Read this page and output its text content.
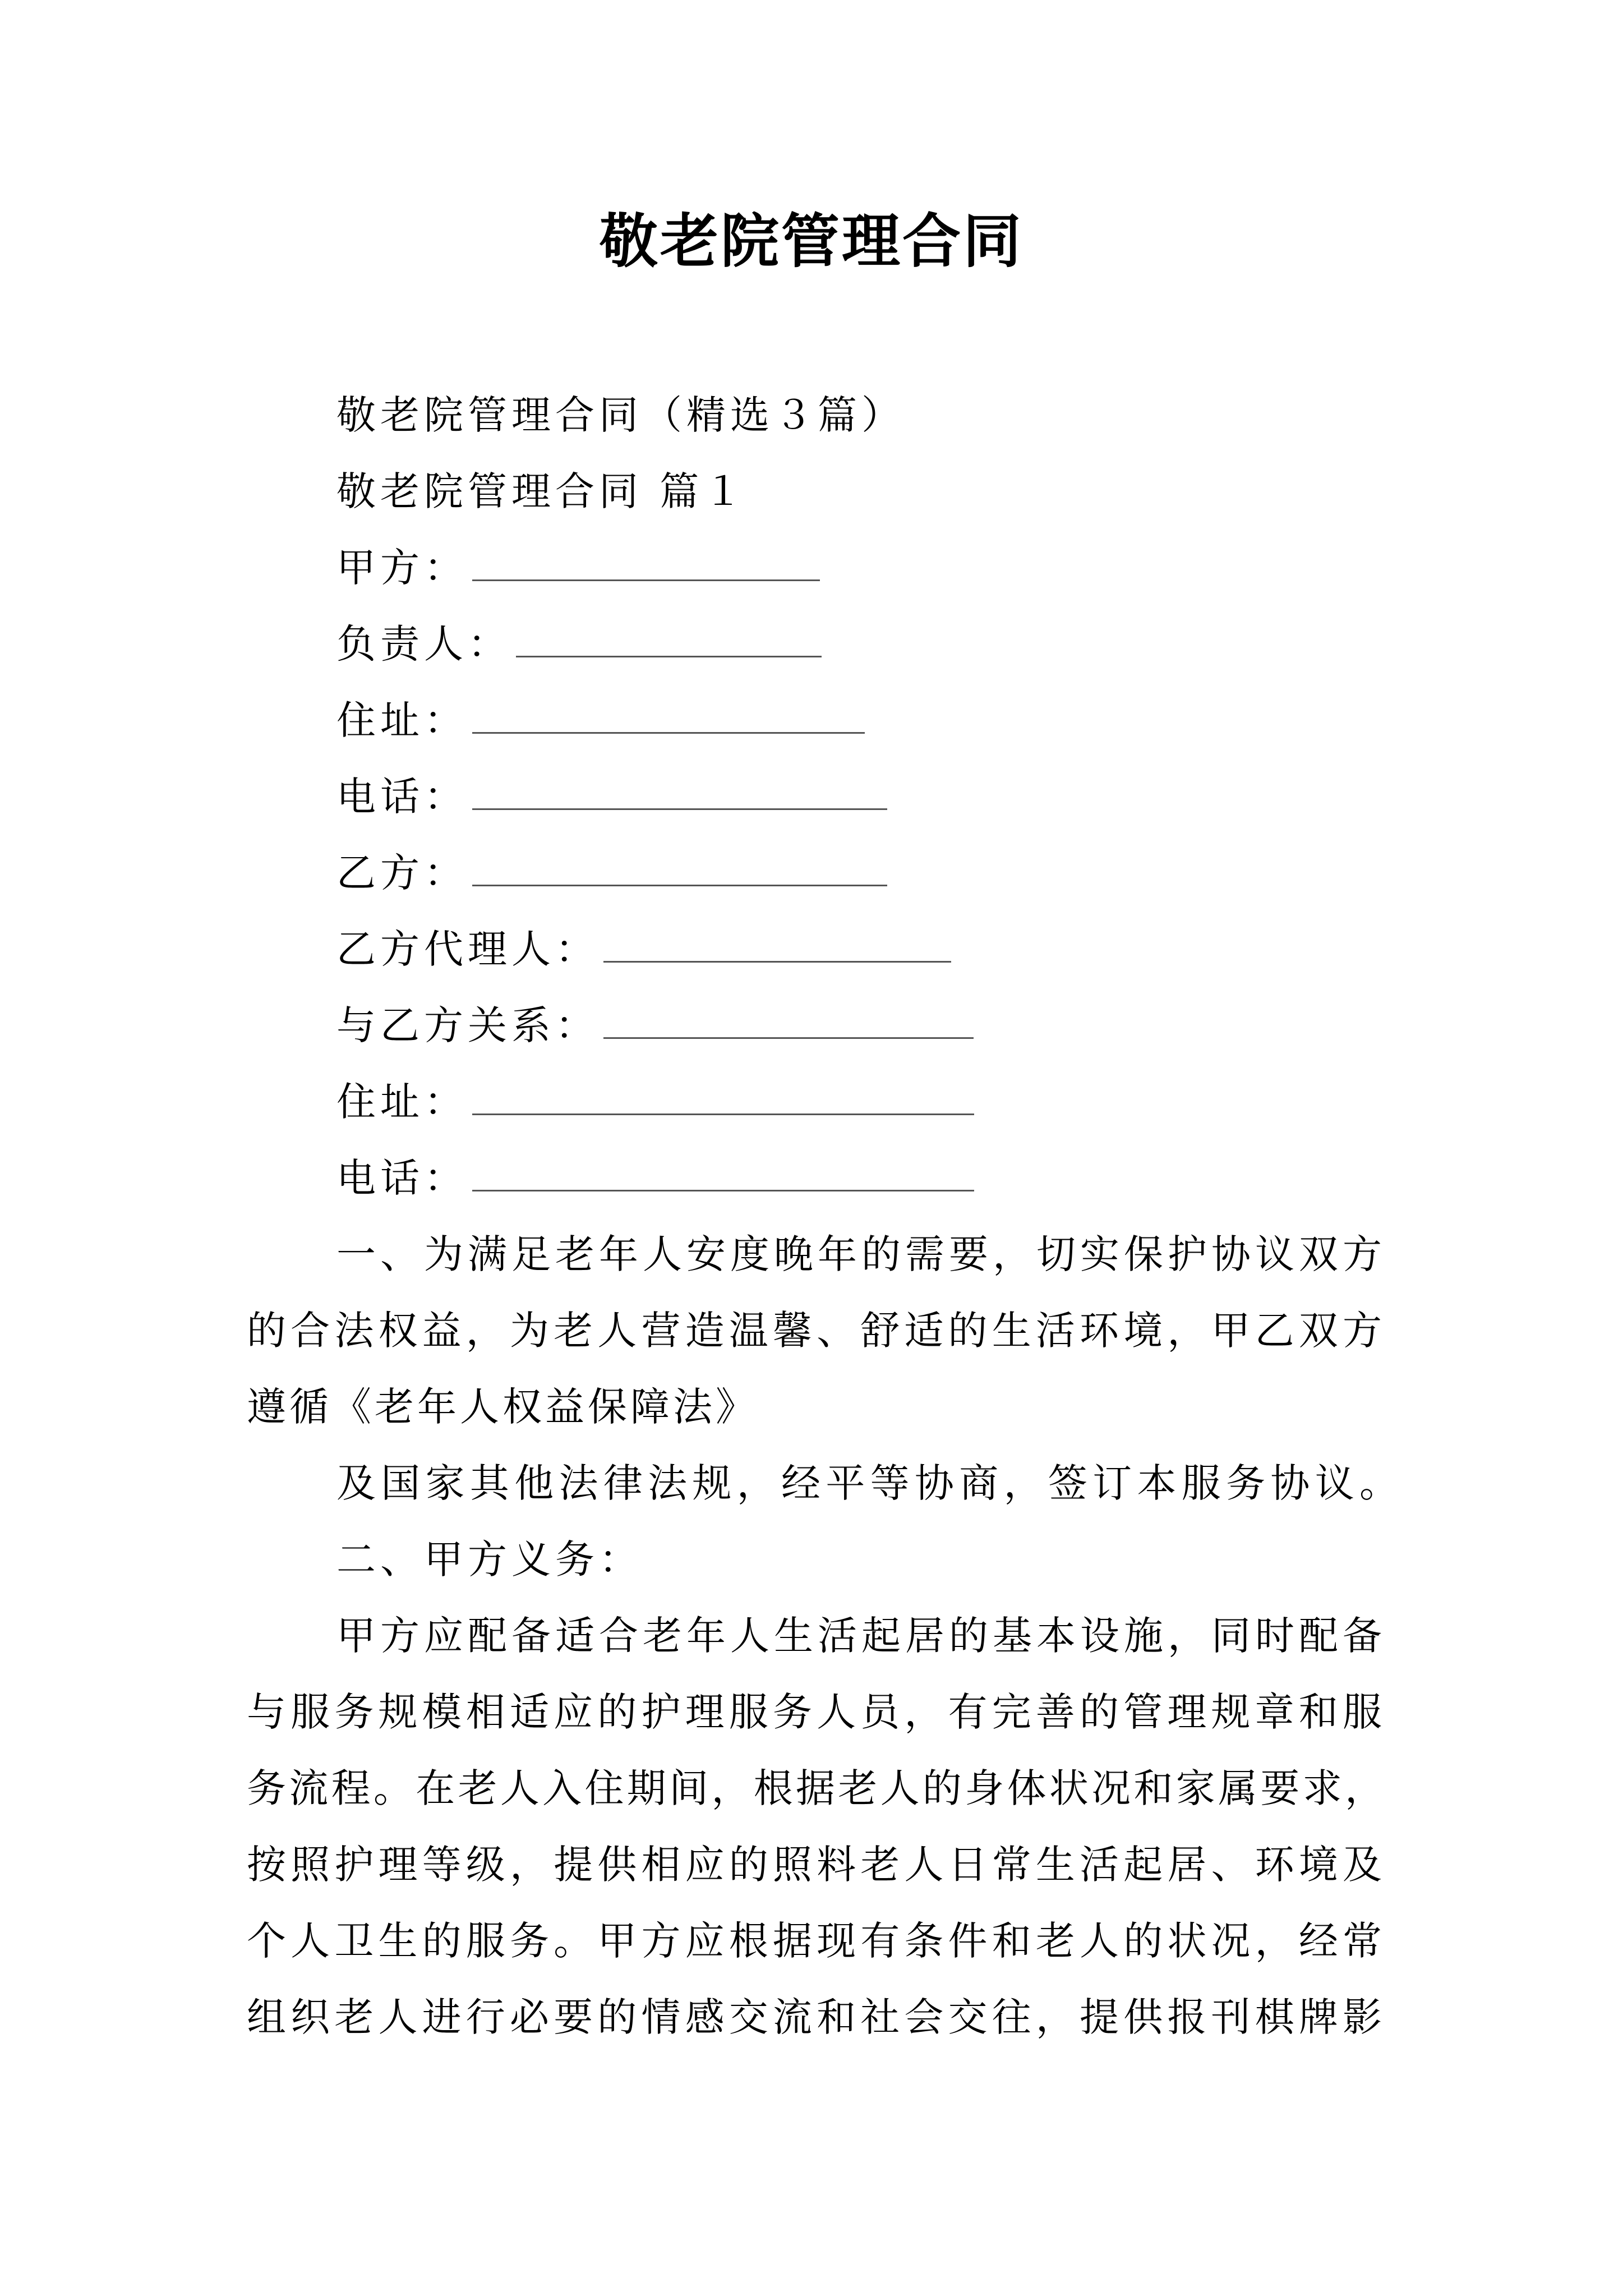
敬老院管理合同
敬老院管理合同（精选３篇）
敬老院管理合同 篇１
甲方：
负责人：
住址：
电话：
乙方：
乙方代理人：
与乙方关系：
住址：
电话：
一、为满足老年人安度晚年的需要，切实保护协议双方
的合法权益，为老人营造温馨、舒适的生活环境，甲乙双方
遵循《老年人权益保障法》
及国家其他法律法规，经平等协商，签订本服务协议。
二、甲方义务：
甲方应配备适合老年人生活起居的基本设施，同时配备
与服务规模相适应的护理服务人员，有完善的管理规章和服
务流程。在老人入住期间，根据老人的身体状况和家属要求，
按照护理等级，提供相应的照料老人日常生活起居、环境及
个人卫生的服务。甲方应根据现有条件和老人的状况，经常
组织老人进行必要的情感交流和社会交往，提供报刊棋牌影
